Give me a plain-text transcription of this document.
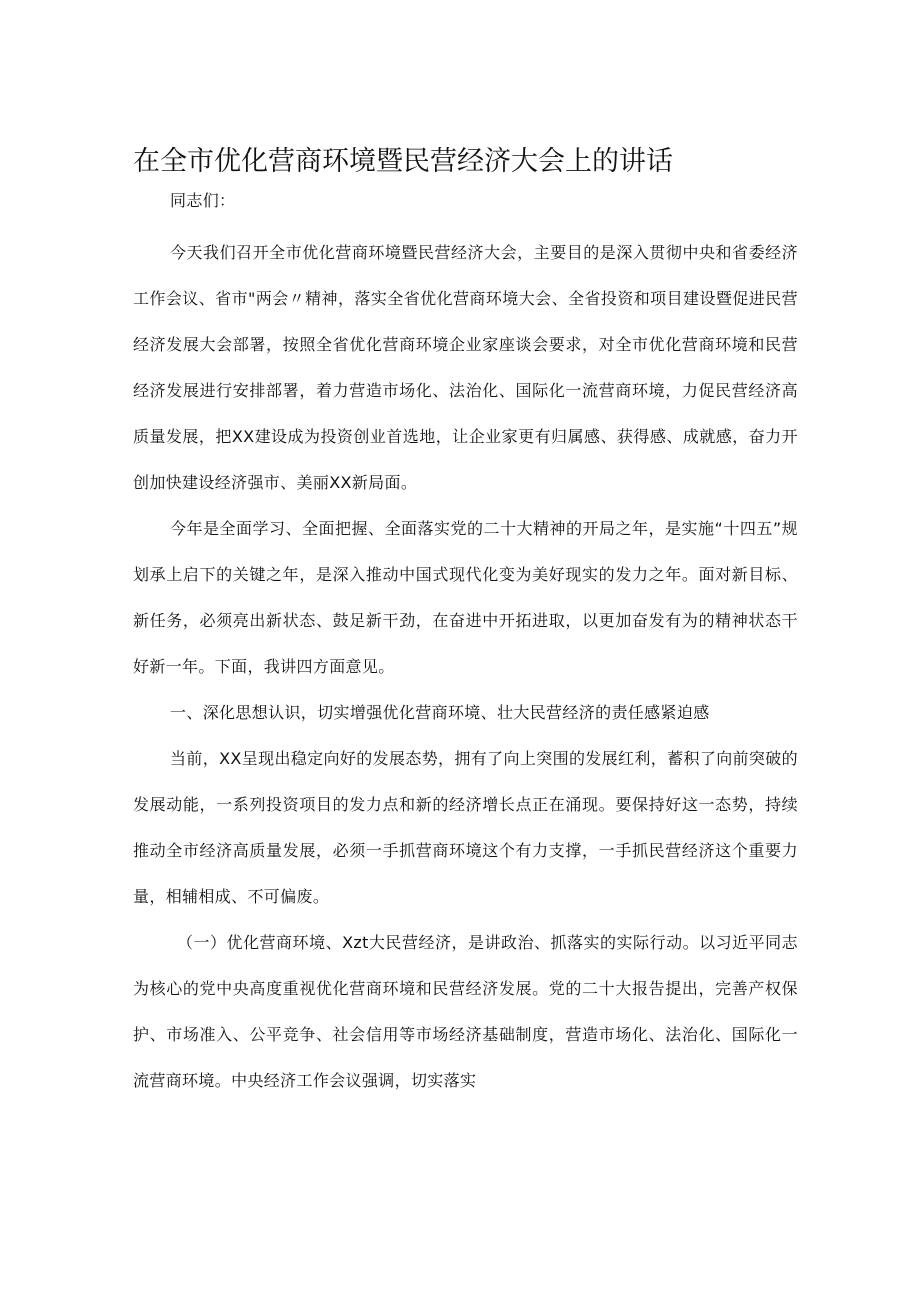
在全市优化营商环境暨民营经济大会上的讲话

同志们：

今天我们召开全市优化营商环境暨民营经济大会，主要目的是深入贯彻中央和省委经济工作会议、省市"两会〃精神，落实全省优化营商环境大会、全省投资和项目建设暨促进民营经济发展大会部署，按照全省优化营商环境企业家座谈会要求，对全市优化营商环境和民营经济发展进行安排部署，着力营造市场化、法治化、国际化一流营商环境，力促民营经济高质量发展，把XX建设成为投资创业首选地，让企业家更有归属感、获得感、成就感，奋力开创加快建设经济强市、美丽XX新局面。

今年是全面学习、全面把握、全面落实党的二十大精神的开局之年，是实施“十四五”规划承上启下的关键之年，是深入推动中国式现代化变为美好现实的发力之年。面对新目标、新任务，必须亮出新状态、鼓足新干劲，在奋进中开拓进取，以更加奋发有为的精神状态干好新一年。下面，我讲四方面意见。

一、深化思想认识，切实增强优化营商环境、壮大民营经济的责任感紧迫感

当前，XX呈现出稳定向好的发展态势，拥有了向上突围的发展红利，蓄积了向前突破的发展动能，一系列投资项目的发力点和新的经济增长点正在涌现。要保持好这一态势，持续推动全市经济高质量发展，必须一手抓营商环境这个有力支撑，一手抓民营经济这个重要力量，相辅相成、不可偏废。

（一）优化营商环境、Xzt大民营经济，是讲政治、抓落实的实际行动。以习近平同志为核心的党中央高度重视优化营商环境和民营经济发展。党的二十大报告提出，完善产权保护、市场准入、公平竞争、社会信用等市场经济基础制度，营造市场化、法治化、国际化一流营商环境。中央经济工作会议强调，切实落实
